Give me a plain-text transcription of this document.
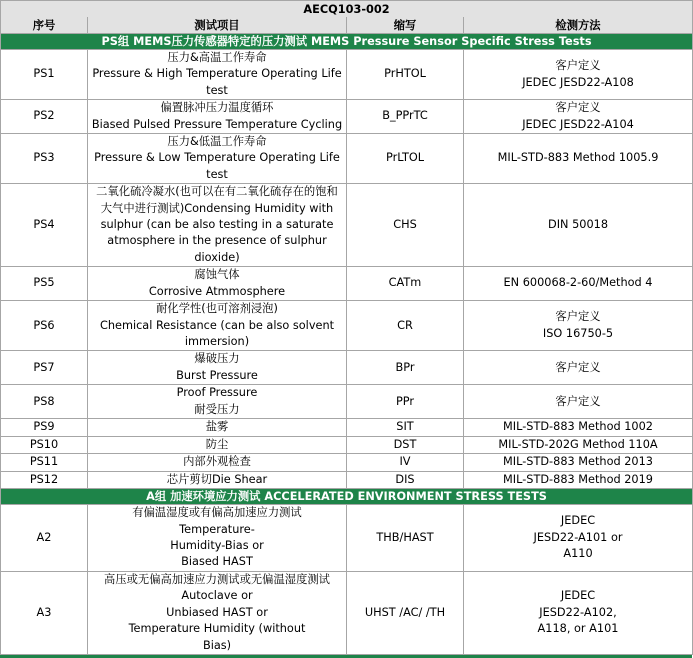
AECQ103-002			
序号	测试项目	缩写	检测方法
PS组 MEMS压力传感器特定的压力测试 MEMS Pressure Sensor Specific Stress Tests			

PS1	压力&高温工作寿命
Pressure & High Temperature Operating Life
test	PrHTOL	客户定义
JEDEC JESD22-A108

PS2	偏置脉冲压力温度循环
Biased Pulsed Pressure Temperature Cycling	B_PPrTC	客户定义
JEDEC JESD22-A104

PS3	压力&低温工作寿命
Pressure & Low Temperature Operating Life
test	PrLTOL	MIL-STD-883 Method 1005.9

PS4	二氧化硫冷凝水(也可以在有二氧化硫存在的饱和
大气中进行测试)Condensing Humidity with
sulphur (can be also testing in a saturate
atmosphere in the presence of sulphur
dioxide)	CHS	DIN 50018

PS5	腐蚀气体
Corrosive Atmmosphere	CATm	EN 600068-2-60/Method 4

PS6	耐化学性(也可溶剂浸泡)
Chemical Resistance (can be also solvent
immersion)	CR	客户定义
ISO 16750-5

PS7	爆破压力
Burst Pressure	BPr	客户定义

PS8	Proof Pressure
耐受压力	PPr	客户定义

PS9	盐雾	SIT	MIL-STD-883 Method 1002

PS10	防尘	DST	MIL-STD-202G Method 110A

PS11	内部外观检查	IV	MIL-STD-883 Method 2013

PS12	芯片剪切Die Shear	DIS	MIL-STD-883 Method 2019

A组 加速环境应力测试 ACCELERATED ENVIRONMENT STRESS TESTS			

A2	有偏温湿度或有偏高加速应力测试
Temperature-
Humidity-Bias or
Biased HAST	THB/HAST	JEDEC
JESD22-A101 or
A110

A3	高压或无偏高加速应力测试或无偏温湿度测试
Autoclave or
Unbiased HAST or
Temperature Humidity (without
Bias)	UHST /AC/ /TH	JEDEC
JESD22-A102,
A118, or A101
